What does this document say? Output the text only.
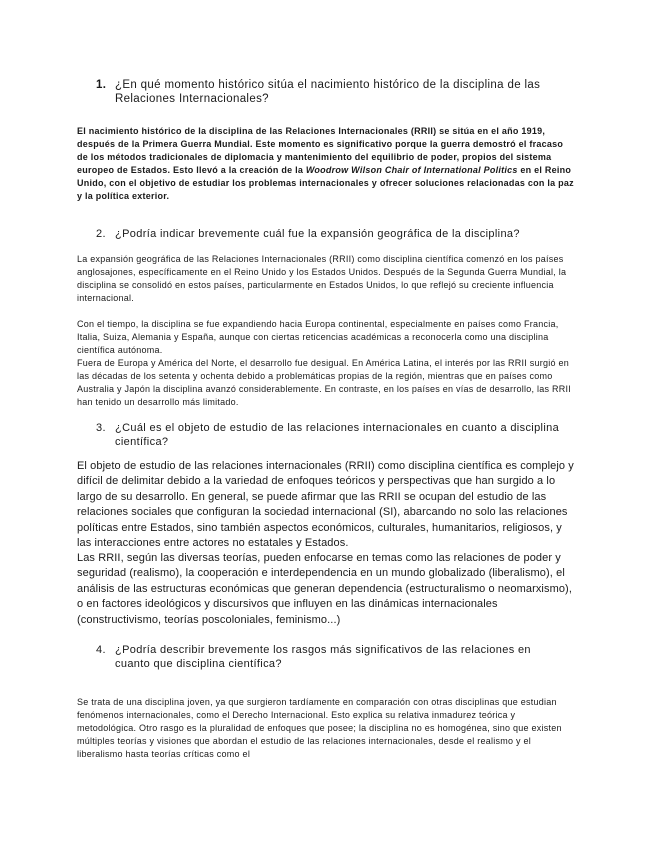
1. ¿En qué momento histórico sitúa el nacimiento histórico de la disciplina de las Relaciones Internacionales?

El nacimiento histórico de la disciplina de las Relaciones Internacionales (RRII) se sitúa en el año 1919, después de la Primera Guerra Mundial. Este momento es significativo porque la guerra demostró el fracaso de los métodos tradicionales de diplomacia y mantenimiento del equilibrio de poder, propios del sistema europeo de Estados. Esto llevó a la creación de la Woodrow Wilson Chair of International Politics en el Reino Unido, con el objetivo de estudiar los problemas internacionales y ofrecer soluciones relacionadas con la paz y la política exterior.

2. ¿Podría indicar brevemente cuál fue la expansión geográfica de la disciplina?

La expansión geográfica de las Relaciones Internacionales (RRII) como disciplina científica comenzó en los países anglosajones, específicamente en el Reino Unido y los Estados Unidos. Después de la Segunda Guerra Mundial, la disciplina se consolidó en estos países, particularmente en Estados Unidos, lo que reflejó su creciente influencia internacional.

Con el tiempo, la disciplina se fue expandiendo hacia Europa continental, especialmente en países como Francia, Italia, Suiza, Alemania y España, aunque con ciertas reticencias académicas a reconocerla como una disciplina científica autónoma.

Fuera de Europa y América del Norte, el desarrollo fue desigual. En América Latina, el interés por las RRII surgió en las décadas de los setenta y ochenta debido a problemáticas propias de la región, mientras que en países como Australia y Japón la disciplina avanzó considerablemente. En contraste, en los países en vías de desarrollo, las RRII han tenido un desarrollo más limitado.

3. ¿Cuál es el objeto de estudio de las relaciones internacionales en cuanto a disciplina científica?

El objeto de estudio de las relaciones internacionales (RRII) como disciplina científica es complejo y difícil de delimitar debido a la variedad de enfoques teóricos y perspectivas que han surgido a lo largo de su desarrollo. En general, se puede afirmar que las RRII se ocupan del estudio de las relaciones sociales que configuran la sociedad internacional (SI), abarcando no solo las relaciones políticas entre Estados, sino también aspectos económicos, culturales, humanitarios, religiosos, y las interacciones entre actores no estatales y Estados.

Las RRII, según las diversas teorías, pueden enfocarse en temas como las relaciones de poder y seguridad (realismo), la cooperación e interdependencia en un mundo globalizado (liberalismo), el análisis de las estructuras económicas que generan dependencia (estructuralismo o neomarxismo), o en factores ideológicos y discursivos que influyen en las dinámicas internacionales (constructivismo, teorías poscoloniales, feminismo...)

4. ¿Podría describir brevemente los rasgos más significativos de las relaciones en cuanto que disciplina científica?

Se trata de una disciplina joven, ya que surgieron tardíamente en comparación con otras disciplinas que estudian fenómenos internacionales, como el Derecho Internacional. Esto explica su relativa inmadurez teórica y metodológica. Otro rasgo es la pluralidad de enfoques que posee; la disciplina no es homogénea, sino que existen múltiples teorías y visiones que abordan el estudio de las relaciones internacionales, desde el realismo y el liberalismo hasta teorías críticas como el
